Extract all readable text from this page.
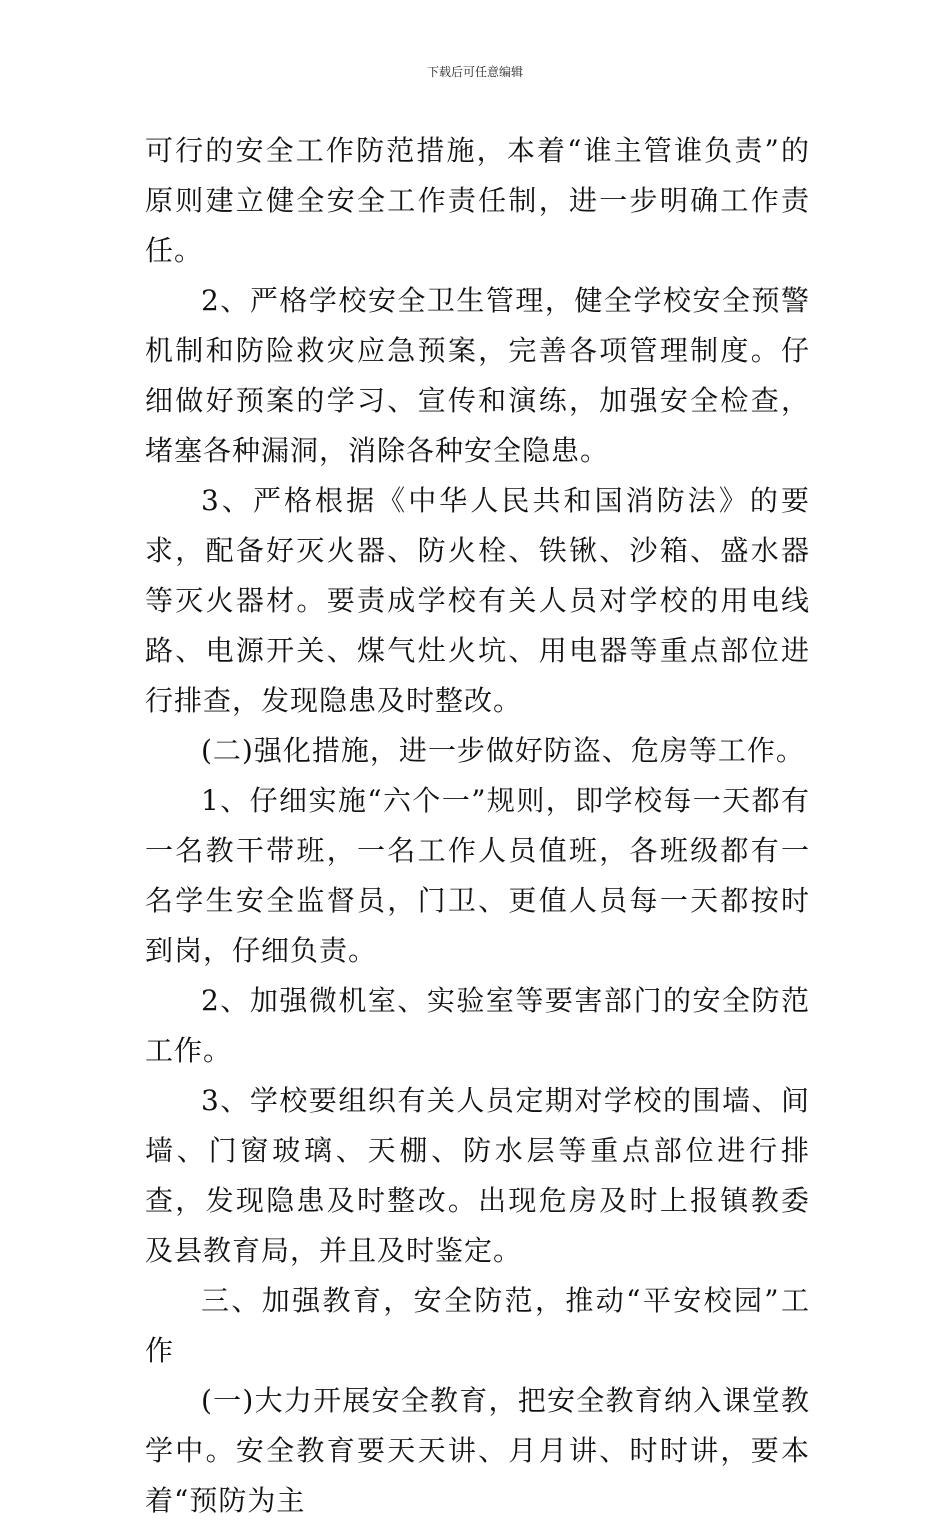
下载后可任意编辑

可行的安全工作防范措施，本着“谁主管谁负责”的原则建立健全安全工作责任制，进一步明确工作责任。

2、严格学校安全卫生管理，健全学校安全预警机制和防险救灾应急预案，完善各项管理制度。仔细做好预案的学习、宣传和演练，加强安全检查，堵塞各种漏洞，消除各种安全隐患。

3、严格根据《中华人民共和国消防法》的要求，配备好灭火器、防火栓、铁锹、沙箱、盛水器等灭火器材。要责成学校有关人员对学校的用电线路、电源开关、煤气灶火坑、用电器等重点部位进行排查，发现隐患及时整改。

(二)强化措施，进一步做好防盗、危房等工作。

1、仔细实施“六个一”规则，即学校每一天都有一名教干带班，一名工作人员值班，各班级都有一名学生安全监督员，门卫、更值人员每一天都按时到岗，仔细负责。

2、加强微机室、实验室等要害部门的安全防范工作。

3、学校要组织有关人员定期对学校的围墙、间墙、门窗玻璃、天棚、防水层等重点部位进行排查，发现隐患及时整改。出现危房及时上报镇教委及县教育局，并且及时鉴定。

三、加强教育，安全防范，推动“平安校园”工作

(一)大力开展安全教育，把安全教育纳入课堂教学中。安全教育要天天讲、月月讲、时时讲，要本着“预防为主
